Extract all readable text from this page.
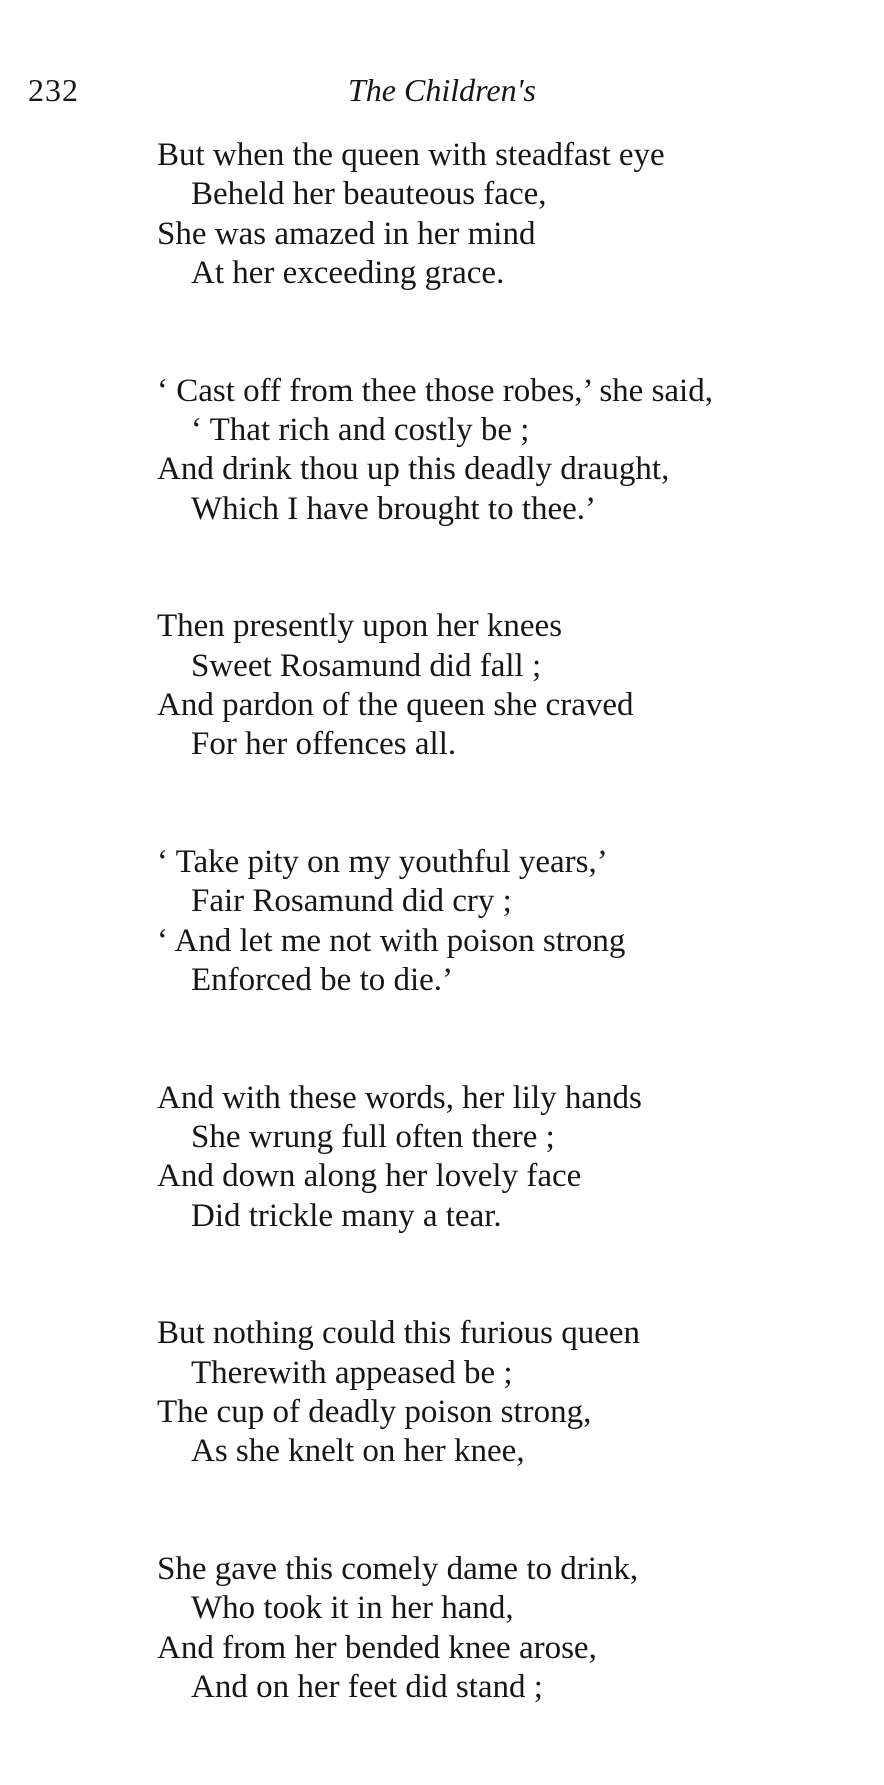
232	The Children's
But when the queen with steadfast eye
Beheld her beauteous face,
She was amazed in her mind
At her exceeding grace.
‘ Cast off from thee those robes,’ she said,
‘ That rich and costly be ;
And drink thou up this deadly draught,
Which I have brought to thee.’
Then presently upon her knees
Sweet Rosamund did fall ;
And pardon of the queen she craved
For her offences all.
‘ Take pity on my youthful years,’
Fair Rosamund did cry ;
‘ And let me not with poison strong
Enforced be to die.’
And with these words, her lily hands
She wrung full often there ;
And down along her lovely face
Did trickle many a tear.
But nothing could this furious queen
Therewith appeased be ;
The cup of deadly poison strong,
As she knelt on her knee,
She gave this comely dame to drink,
Who took it in her hand,
And from her bended knee arose,
And on her feet did stand ;
